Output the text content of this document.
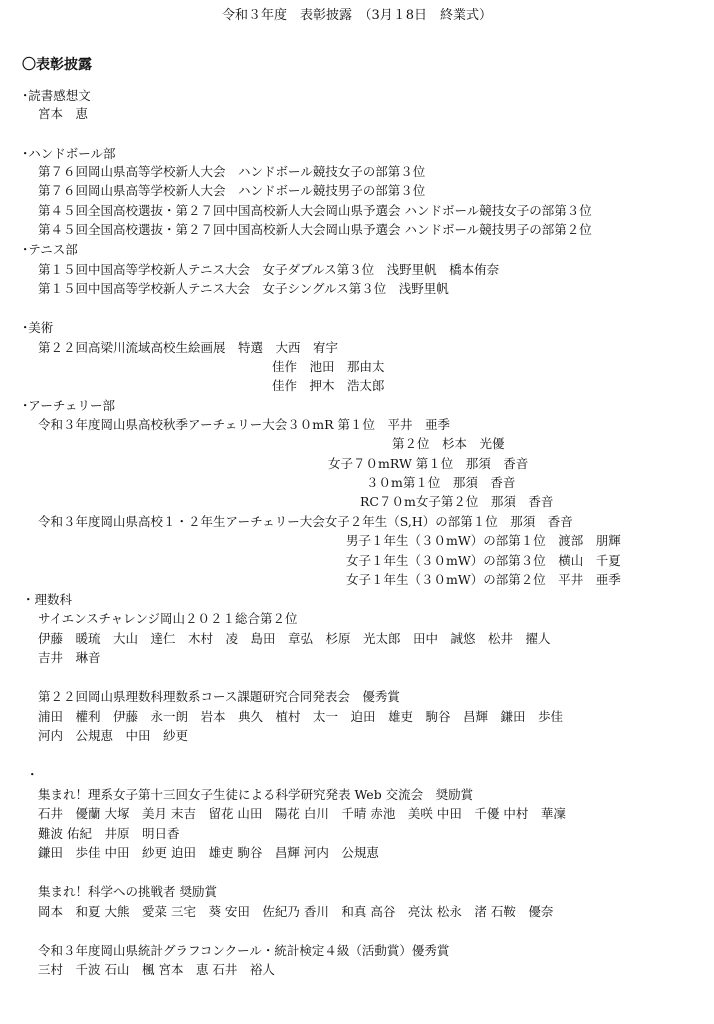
令和３年度　表彰披露　（3月１8日　終業式）
〇表彰披露
･読書感想文
宮本　恵
･ハンドボール部
第７６回岡山県高等学校新人大会　ハンドボール競技女子の部第３位
第７６回岡山県高等学校新人大会　ハンドボール競技男子の部第３位
第４５回全国高校選抜・第２７回中国高校新人大会岡山県予選会 ハンドボール競技女子の部第３位
第４５回全国高校選抜・第２７回中国高校新人大会岡山県予選会 ハンドボール競技男子の部第２位
･テニス部
第１５回中国高等学校新人テニス大会　女子ダブルス第３位　浅野里帆　橋本侑奈
第１５回中国高等学校新人テニス大会　女子シングルス第３位　浅野里帆
･美術
第２２回高梁川流域高校生絵画展　特選　大西　宥宇
佳作　池田　那由太
佳作　押木　浩太郎
･アーチェリー部
令和３年度岡山県高校秋季アーチェリー大会３０mR 第１位　平井　亜季
第２位　杉本　光優
女子７０mRW 第１位　那須　香音
３０m第１位　那須　香音
RC７０m女子第２位　那須　香音
令和３年度岡山県高校１・２年生アーチェリー大会女子２年生（S,H）の部第１位　那須　香音
男子１年生（３０mW）の部第１位　渡部　朋輝
女子１年生（３０mW）の部第３位　横山　千夏
女子１年生（３０mW）の部第２位　平井　亜季
・理数科
サイエンスチャレンジ岡山２０２１総合第２位
伊藤　暖琉　大山　達仁　木村　凌　島田　章弘　杉原　光太郎　田中　誠悠　松井　擢人
吉井　琳音
第２２回岡山県理数科理数系コース課題研究合同発表会　優秀賞
浦田　權利　伊藤　永一朗　岩本　典久　植村　太一　迫田　雄吏　駒谷　昌輝　鎌田　歩佳
河内　公規恵　中田　紗更
・
集まれ！理系女子第十三回女子生徒による科学研究発表 Web 交流会　奨励賞
石井　優蘭 大塚　美月 末吉　留花 山田　陽花 白川　千晴 赤池　美咲 中田　千優 中村　華凜
難波 佑紀　井原　明日香
鎌田　歩佳 中田　紗更 迫田　雄吏 駒谷　昌輝 河内　公規恵
集まれ！科学への挑戦者 奨励賞
岡本　和夏 大熊　愛菜 三宅　葵 安田　佐紀乃 香川　和真 高谷　亮汰 松永　渚 石鞍　優奈
令和３年度岡山県統計グラフコンクール・統計検定４級（活動賞）優秀賞
三村　千波 石山　楓 宮本　恵 石井　裕人
